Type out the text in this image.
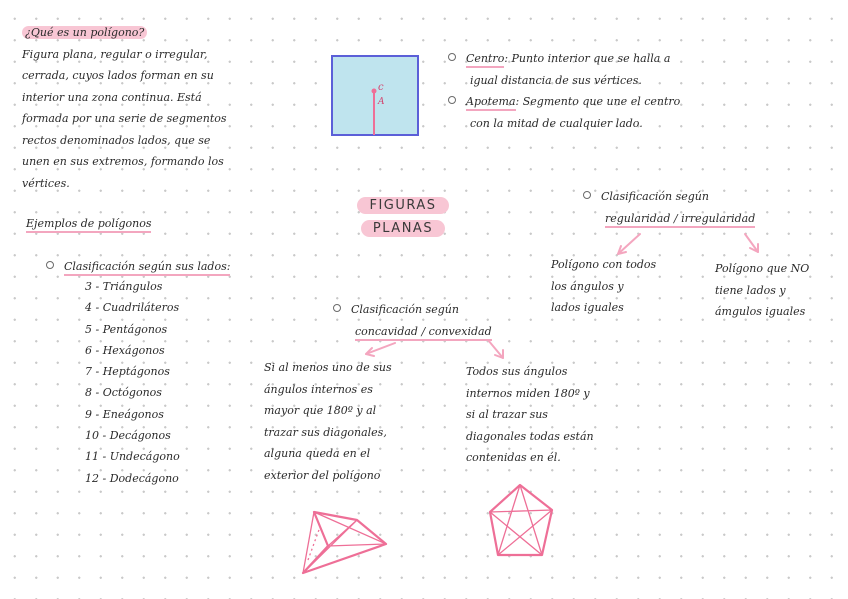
¿Qué es un polígono?
Figura plana, regular o irregular,
cerrada, cuyos lados forman en su
interior una zona continua. Está
formada por una serie de segmentos
rectos denominados lados, que se
unen en sus extremos, formando los
vértices.
Ejemplos de polígonos
Clasificación según sus lados:
3 - Triángulos
4 - Cuadriláteros
5 - Pentágonos
6 - Hexágonos
7 - Heptágonos
8 - Octógonos
9 - Eneágonos
10 - Decágonos
11 - Undecágono
12 - Dodecágono
c
A
Centro: Punto interior que se halla a
igual distancia de sus vértices.
Apotema: Segmento que une el centro
con la mitad de cualquier lado.
FIGURAS
PLANAS
Clasificación según
regularidad / irregularidad
Polígono con todos
los ángulos y
lados iguales
Polígono que NO
tiene lados y
ámgulos iguales
Clasificación según
concavidad / convexidad
Si al menos uno de sus
ángulos internos es
mayor que 180º y al
trazar sus diagonales,
alguna queda en el
exterior del polígono
Todos sus ángulos
internos miden 180º y
si al trazar sus
diagonales todas están
contenidas en él.
